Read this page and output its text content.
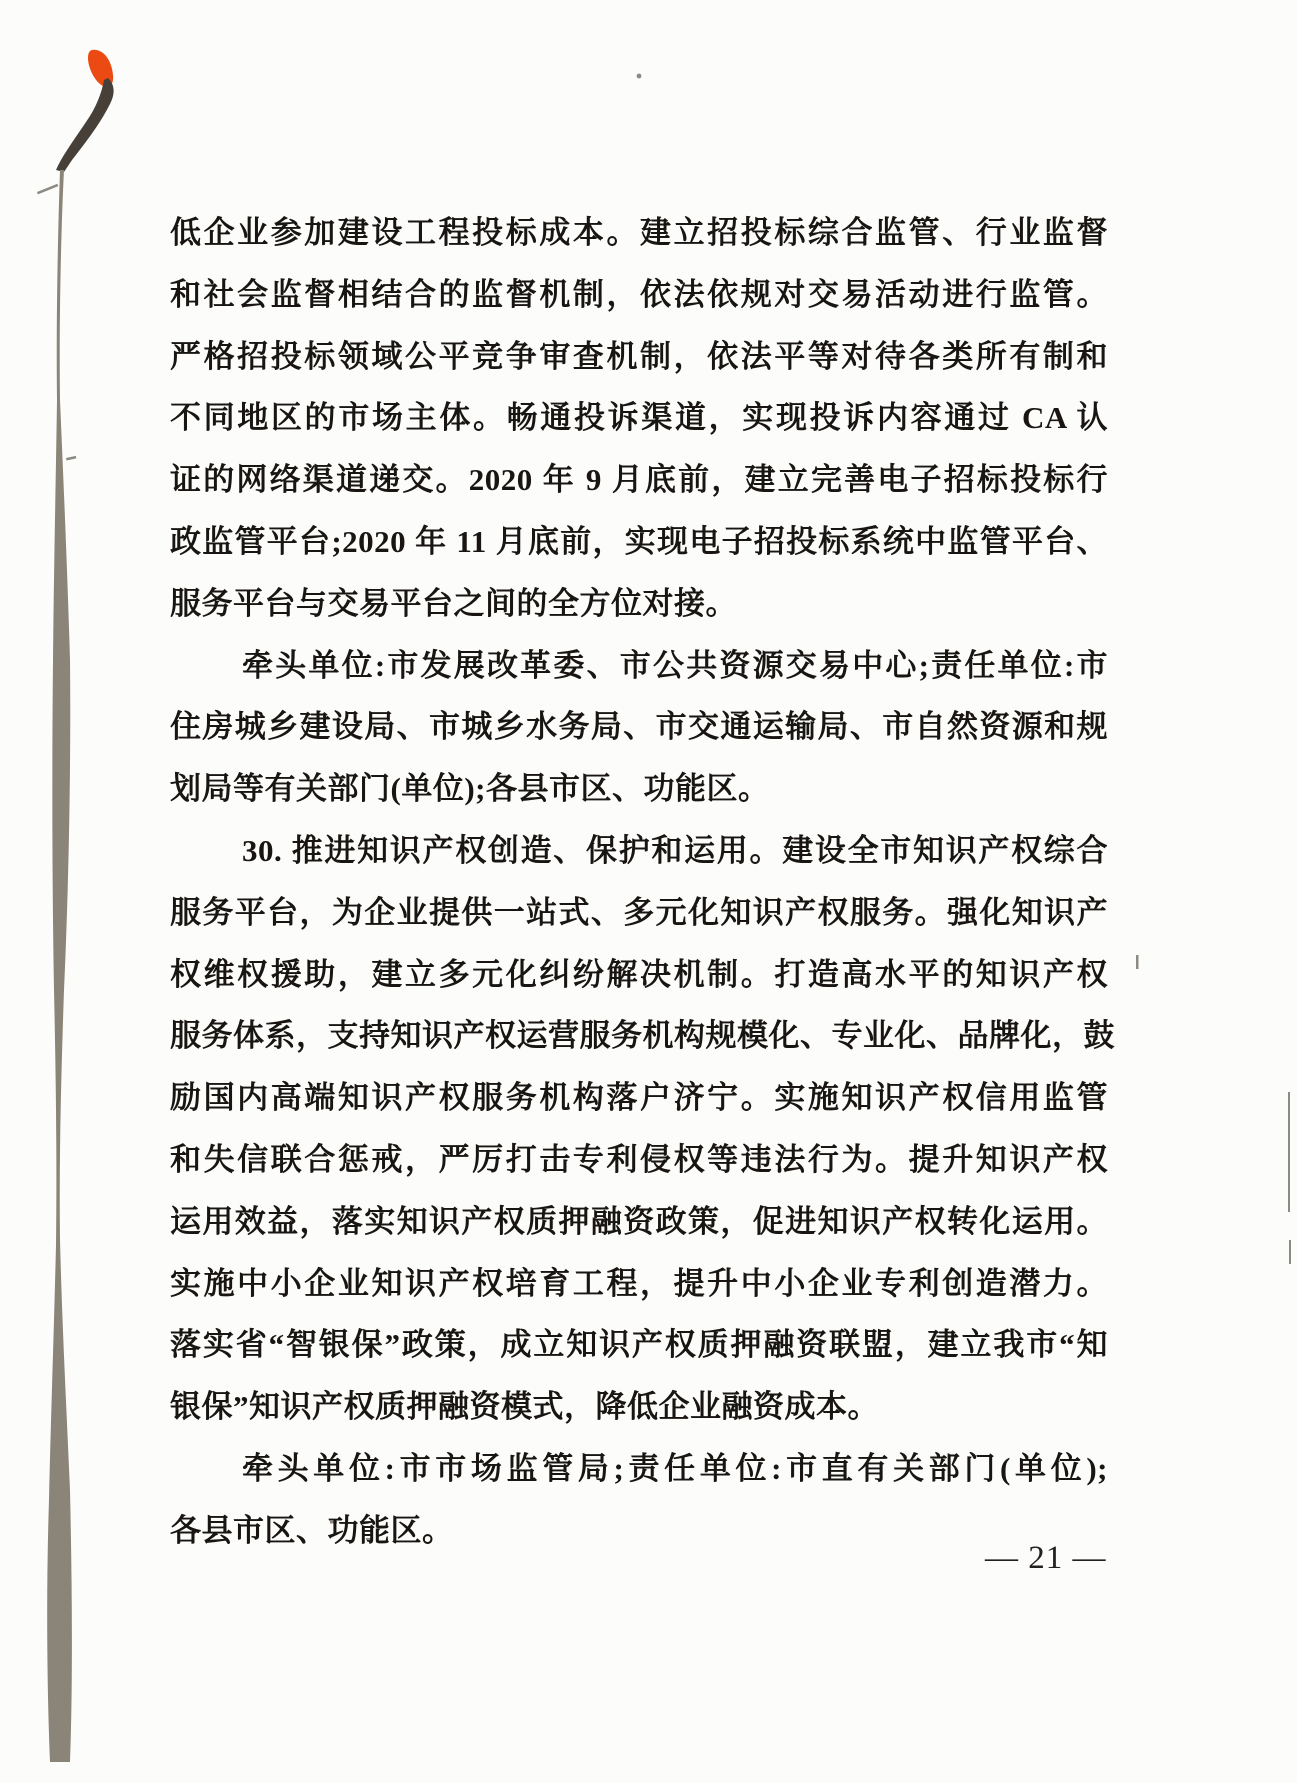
低企业参加建设工程投标成本。建立招投标综合监管、行业监督
和社会监督相结合的监督机制，依法依规对交易活动进行监管。
严格招投标领域公平竞争审查机制，依法平等对待各类所有制和
不同地区的市场主体。畅通投诉渠道，实现投诉内容通过 CA 认
证的网络渠道递交。2020 年 9 月底前，建立完善电子招标投标行
政监管平台;2020 年 11 月底前，实现电子招投标系统中监管平台、
服务平台与交易平台之间的全方位对接。
牵头单位:市发展改革委、市公共资源交易中心;责任单位:市
住房城乡建设局、市城乡水务局、市交通运输局、市自然资源和规
划局等有关部门(单位);各县市区、功能区。
30. 推进知识产权创造、保护和运用。建设全市知识产权综合
服务平台，为企业提供一站式、多元化知识产权服务。强化知识产
权维权援助，建立多元化纠纷解决机制。打造高水平的知识产权
服务体系，支持知识产权运营服务机构规模化、专业化、品牌化，鼓
励国内高端知识产权服务机构落户济宁。实施知识产权信用监管
和失信联合惩戒，严厉打击专利侵权等违法行为。提升知识产权
运用效益，落实知识产权质押融资政策，促进知识产权转化运用。
实施中小企业知识产权培育工程，提升中小企业专利创造潜力。
落实省“智银保”政策，成立知识产权质押融资联盟，建立我市“知
银保”知识产权质押融资模式，降低企业融资成本。
牵头单位:市市场监管局;责任单位:市直有关部门(单位);
各县市区、功能区。
— 21 —
